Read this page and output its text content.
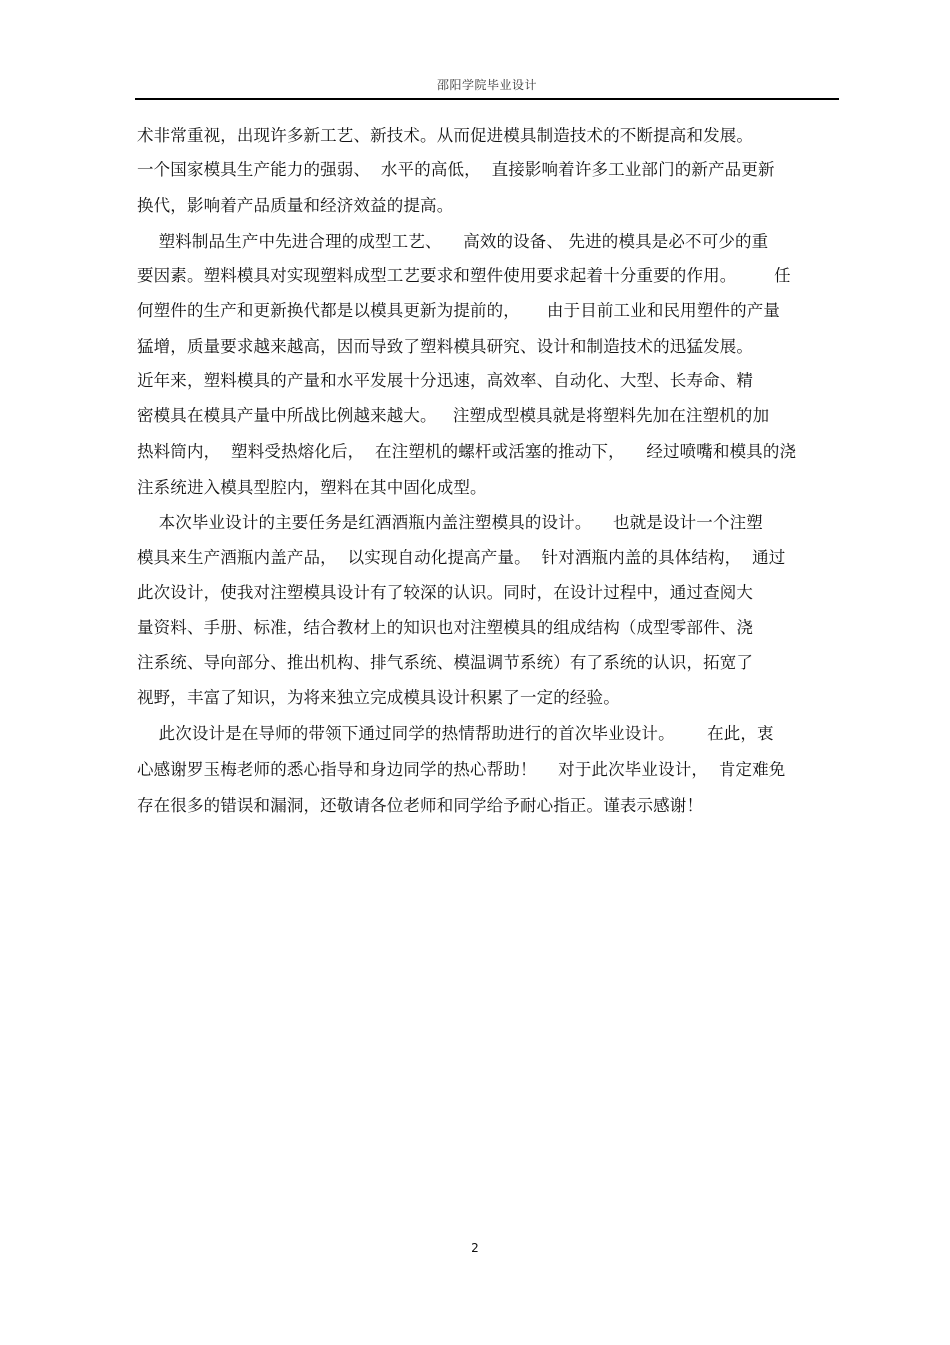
邵阳学院毕业设计
术非常重视，出现许多新工艺、新技术。从而促进模具制造技术的不断提高和发展。
一个国家模具生产能力的强弱、  水平的高低，  直接影响着许多工业部门的新产品更新
换代，影响着产品质量和经济效益的提高。
塑料制品生产中先进合理的成型工艺、    高效的设备、 先进的模具是必不可少的重
要因素。塑料模具对实现塑料成型工艺要求和塑件使用要求起着十分重要的作用。       任
何塑件的生产和更新换代都是以模具更新为提前的，     由于目前工业和民用塑件的产量
猛增，质量要求越来越高，因而导致了塑料模具研究、设计和制造技术的迅猛发展。
近年来，塑料模具的产量和水平发展十分迅速，高效率、自动化、大型、长寿命、精
密模具在模具产量中所战比例越来越大。   注塑成型模具就是将塑料先加在注塑机的加
热料筒内，  塑料受热熔化后，  在注塑机的螺杆或活塞的推动下，    经过喷嘴和模具的浇
注系统进入模具型腔内，塑料在其中固化成型。
本次毕业设计的主要任务是红酒酒瓶内盖注塑模具的设计。    也就是设计一个注塑
模具来生产酒瓶内盖产品，  以实现自动化提高产量。  针对酒瓶内盖的具体结构，  通过
此次设计，使我对注塑模具设计有了较深的认识。同时，在设计过程中，通过查阅大
量资料、手册、标准，结合教材上的知识也对注塑模具的组成结构（成型零部件、浇
注系统、导向部分、推出机构、排气系统、模温调节系统）有了系统的认识，拓宽了
视野，丰富了知识，为将来独立完成模具设计积累了一定的经验。
此次设计是在导师的带领下通过同学的热情帮助进行的首次毕业设计。      在此，衷
心感谢罗玉梅老师的悉心指导和身边同学的热心帮助！    对于此次毕业设计，  肯定难免
存在很多的错误和漏洞，还敬请各位老师和同学给予耐心指正。谨表示感谢！
2
